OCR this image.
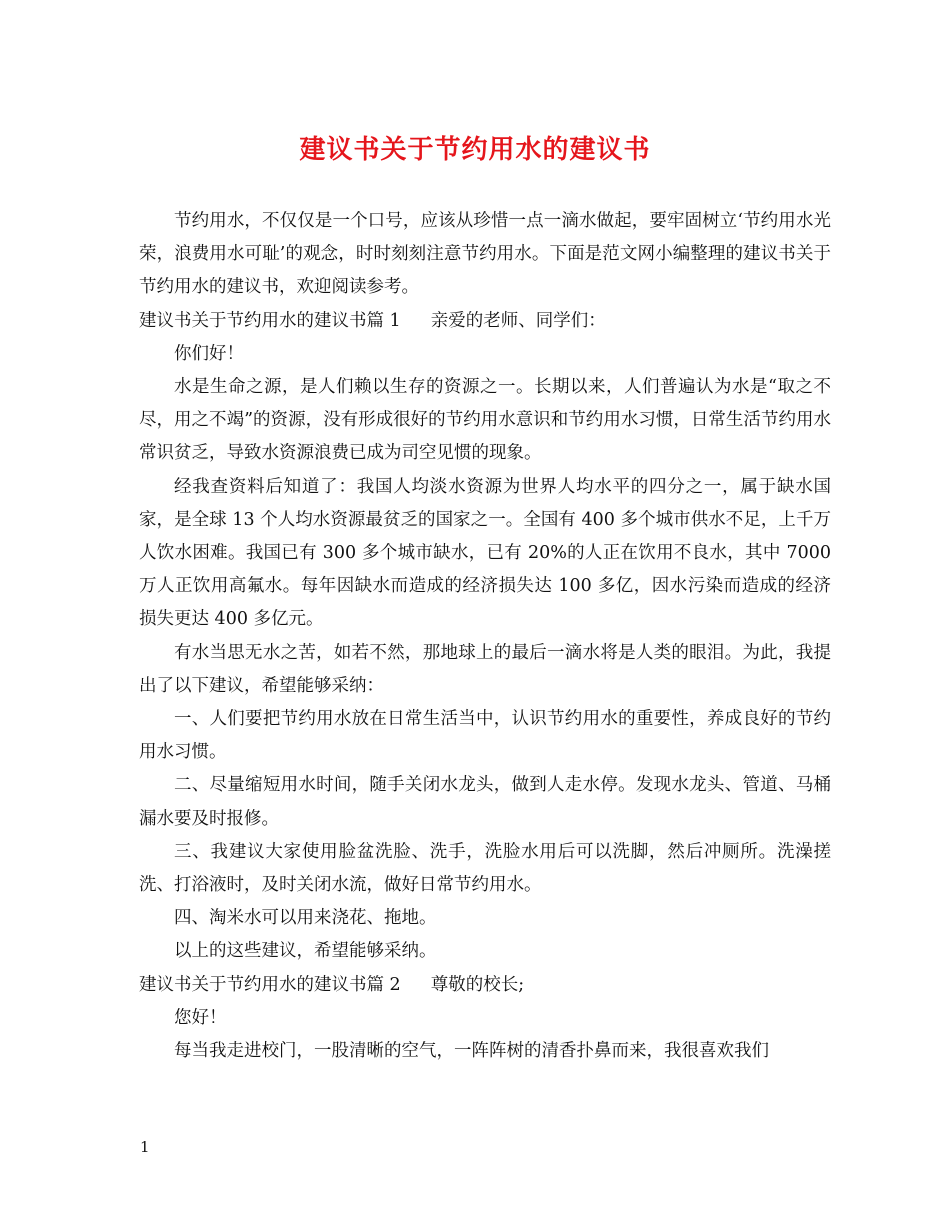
建议书关于节约用水的建议书

节约用水，不仅仅是一个口号，应该从珍惜一点一滴水做起，要牢固树立‘节约用水光荣，浪费用水可耻’的观念，时时刻刻注意节约用水。下面是范文网小编整理的建议书关于节约用水的建议书，欢迎阅读参考。

建议书关于节约用水的建议书篇 1 亲爱的老师、同学们：

你们好！

水是生命之源，是人们赖以生存的资源之一。长期以来，人们普遍认为水是“取之不尽，用之不竭”的资源，没有形成很好的节约用水意识和节约用水习惯，日常生活节约用水常识贫乏，导致水资源浪费已成为司空见惯的现象。

经我查资料后知道了：我国人均淡水资源为世界人均水平的四分之一，属于缺水国家，是全球 13 个人均水资源最贫乏的国家之一。全国有 400 多个城市供水不足，上千万人饮水困难。我国已有 300 多个城市缺水，已有 20%的人正在饮用不良水，其中 7000 万人正饮用高氟水。每年因缺水而造成的经济损失达 100 多亿，因水污染而造成的经济损失更达 400 多亿元。

有水当思无水之苦，如若不然，那地球上的最后一滴水将是人类的眼泪。为此，我提出了以下建议，希望能够采纳：

一、人们要把节约用水放在日常生活当中，认识节约用水的重要性，养成良好的节约用水习惯。

二、尽量缩短用水时间，随手关闭水龙头，做到人走水停。发现水龙头、管道、马桶漏水要及时报修。

三、我建议大家使用脸盆洗脸、洗手，洗脸水用后可以洗脚，然后冲厕所。洗澡搓洗、打浴液时，及时关闭水流，做好日常节约用水。

四、淘米水可以用来浇花、拖地。

以上的这些建议，希望能够采纳。

建议书关于节约用水的建议书篇 2 尊敬的校长;

您好！

每当我走进校门，一股清晰的空气，一阵阵树的清香扑鼻而来，我很喜欢我们

1
